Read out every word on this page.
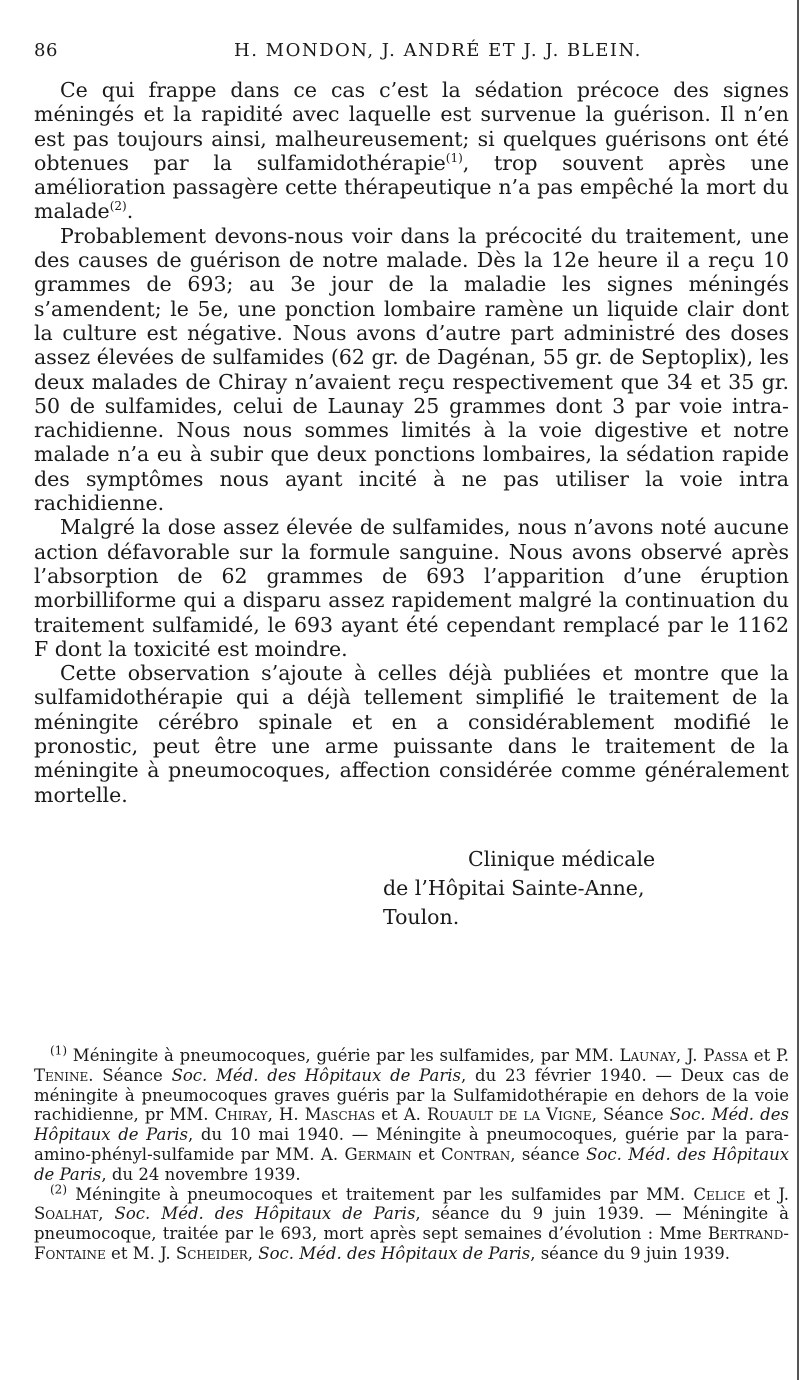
86	H. MONDON, J. ANDRÉ ET J. J. BLEIN.

Ce qui frappe dans ce cas c’est la sédation précoce des signes méningés et la rapidité avec laquelle est survenue la guérison. Il n’en est pas toujours ainsi, malheureusement; si quelques guérisons ont été obtenues par la sulfamidothérapie$^{(1)}$, trop souvent après une amélioration passagère cette thérapeutique n’a pas empêché la mort du malade$^{(2)}$.

Probablement devons-nous voir dans la précocité du traitement, une des causes de guérison de notre malade. Dès la 12e heure il a reçu 10 grammes de 693; au 3e jour de la maladie les signes méningés s’amendent; le 5e, une ponction lombaire ramène un liquide clair dont la culture est négative. Nous avons d’autre part administré des doses assez élevées de sulfamides (62 gr. de Dagénan, 55 gr. de Septoplix), les deux malades de Chiray n’avaient reçu respectivement que 34 et 35 gr. 50 de sulfamides, celui de Launay 25 grammes dont 3 par voie intra-rachidienne. Nous nous sommes limités à la voie digestive et notre malade n’a eu à subir que deux ponctions lombaires, la sédation rapide des symptômes nous ayant incité à ne pas utiliser la voie intra rachidienne.

Malgré la dose assez élevée de sulfamides, nous n’avons noté aucune action défavorable sur la formule sanguine. Nous avons observé après l’absorption de 62 grammes de 693 l’apparition d’une éruption morbilliforme qui a disparu assez rapidement malgré la continuation du traitement sulfamidé, le 693 ayant été cependant remplacé par le 1162 F dont la toxicité est moindre.

Cette observation s’ajoute à celles déjà publiées et montre que la sulfamidothérapie qui a déjà tellement simplifié le traitement de la méningite cérébro spinale et en a considérablement modifié le pronostic, peut être une arme puissante dans le traitement de la méningite à pneumocoques, affection considérée comme généralement mortelle.

Clinique médicale
de l’Hôpitai Sainte-Anne, Toulon.

$^{(1)}$ Méningite à pneumocoques, guérie par les sulfamides, par MM. Launay, J. Passa et P. Tenine. Séance Soc. Méd. des Hôpitaux de Paris, du 23 février 1940. — Deux cas de méningite à pneumocoques graves guéris par la Sulfamidothérapie en dehors de la voie rachidienne, pr MM. Chiray, H. Maschas et A. Rouault de la Vigne, Séance Soc. Méd. des Hôpitaux de Paris, du 10 mai 1940. — Méningite à pneumocoques, guérie par la para-amino-phényl-sulfamide par MM. A. Germain et Contran, séance Soc. Méd. des Hôpitaux de Paris, du 24 novembre 1939.

$^{(2)}$ Méningite à pneumocoques et traitement par les sulfamides par MM. Celice et J. Soalhat, Soc. Méd. des Hôpitaux de Paris, séance du 9 juin 1939. — Méningite à pneumocoque, traitée par le 693, mort après sept semaines d’évolution : Mme Bertrand-Fontaine et M. J. Scheider, Soc. Méd. des Hôpitaux de Paris, séance du 9 juin 1939.
